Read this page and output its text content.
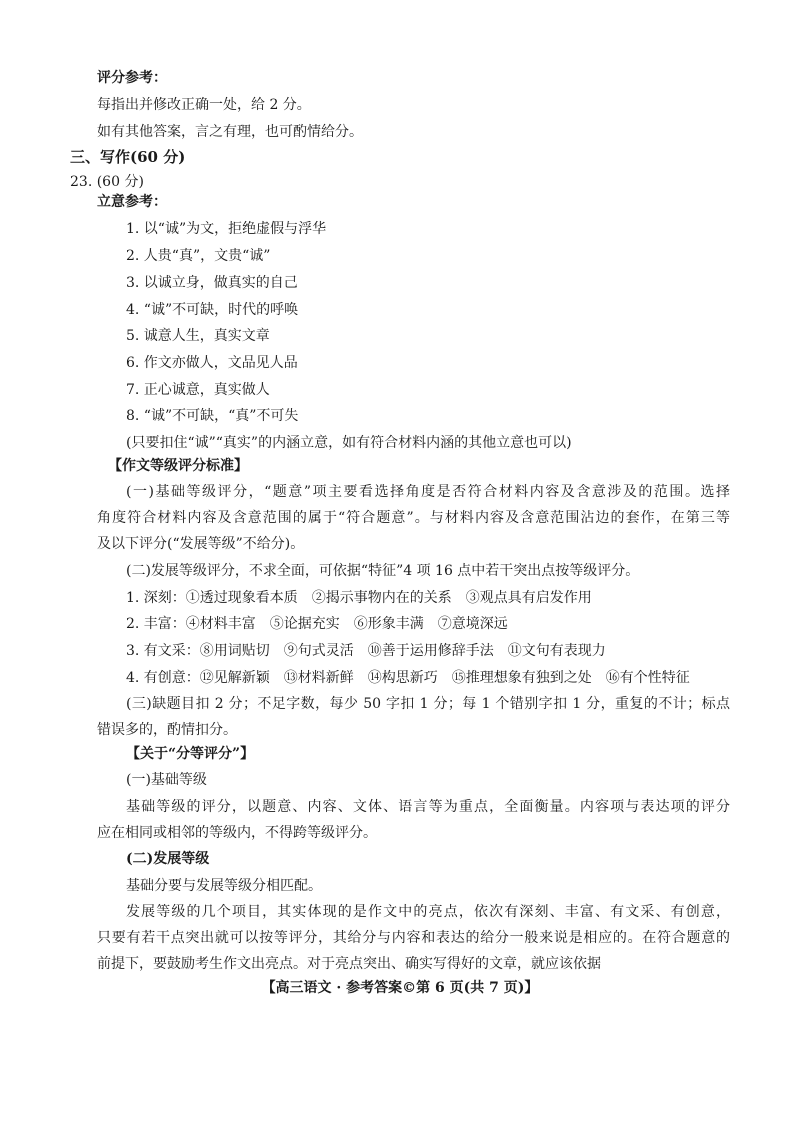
评分参考：
每指出并修改正确一处，给 2 分。
如有其他答案，言之有理，也可酌情给分。
三、写作(60 分)
23. (60 分)
立意参考：
1. 以“诚”为文，拒绝虚假与浮华
2. 人贵“真”，文贵“诚”
3. 以诚立身，做真实的自己
4. “诚”不可缺，时代的呼唤
5. 诚意人生，真实文章
6. 作文亦做人，文品见人品
7. 正心诚意，真实做人
8. “诚”不可缺，“真”不可失
(只要扣住“诚”“真实”的内涵立意，如有符合材料内涵的其他立意也可以)
【作文等级评分标准】
(一)基础等级评分，“题意”项主要看选择角度是否符合材料内容及含意涉及的范围。选择
角度符合材料内容及含意范围的属于“符合题意”。与材料内容及含意范围沾边的套作，在第三等
及以下评分(“发展等级”不给分)。
(二)发展等级评分，不求全面，可依据“特征”4 项 16 点中若干突出点按等级评分。
1. 深刻：①透过现象看本质　②揭示事物内在的关系　③观点具有启发作用
2. 丰富：④材料丰富　⑤论据充实　⑥形象丰满　⑦意境深远
3. 有文采：⑧用词贴切　⑨句式灵活　⑩善于运用修辞手法　⑪文句有表现力
4. 有创意：⑫见解新颖　⑬材料新鲜　⑭构思新巧　⑮推理想象有独到之处　⑯有个性特征
(三)缺题目扣 2 分；不足字数，每少 50 字扣 1 分；每 1 个错别字扣 1 分，重复的不计；标点
错误多的，酌情扣分。
【关于“分等评分”】
(一)基础等级
基础等级的评分，以题意、内容、文体、语言等为重点，全面衡量。内容项与表达项的评分
应在相同或相邻的等级内，不得跨等级评分。
(二)发展等级
基础分要与发展等级分相匹配。
发展等级的几个项目，其实体现的是作文中的亮点，依次有深刻、丰富、有文采、有创意，
只要有若干点突出就可以按等评分，其给分与内容和表达的给分一般来说是相应的。在符合题意的
前提下，要鼓励考生作文出亮点。对于亮点突出、确实写得好的文章，就应该依据
【高三语文 · 参考答案©第 6 页(共 7 页)】
